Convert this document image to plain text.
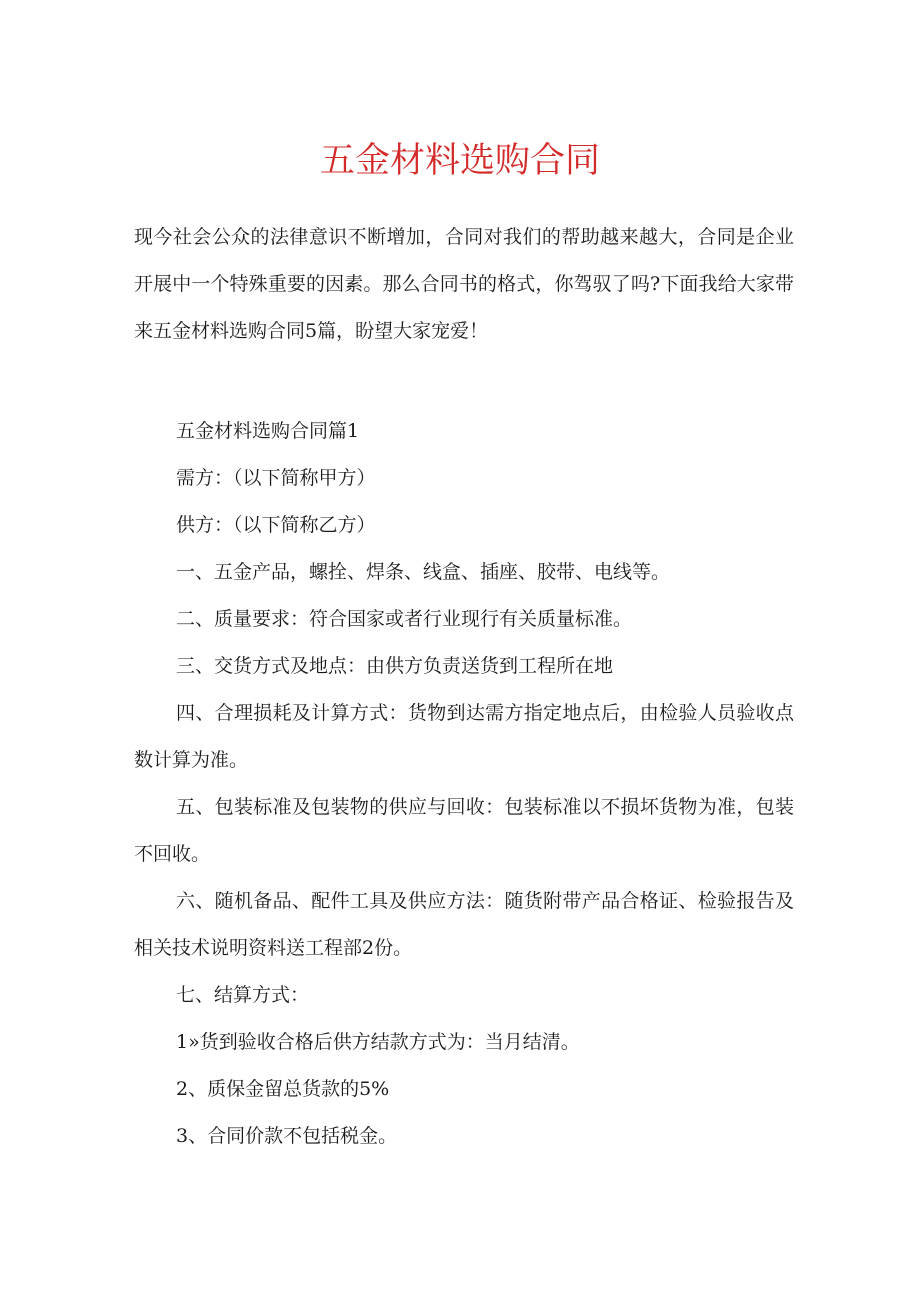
五金材料选购合同

现今社会公众的法律意识不断增加，合同对我们的帮助越来越大，合同是企业开展中一个特殊重要的因素。那么合同书的格式，你驾驭了吗?下面我给大家带来五金材料选购合同5篇，盼望大家宠爱！

五金材料选购合同篇1
需方：（以下简称甲方）
供方：（以下简称乙方）
一、五金产品，螺拴、焊条、线盒、插座、胶带、电线等。
二、质量要求：符合国家或者行业现行有关质量标准。
三、交货方式及地点：由供方负责送货到工程所在地
四、合理损耗及计算方式：货物到达需方指定地点后，由检验人员验收点数计算为准。
五、包装标准及包装物的供应与回收：包装标准以不损坏货物为准，包装不回收。
六、随机备品、配件工具及供应方法：随货附带产品合格证、检验报告及相关技术说明资料送工程部2份。
七、结算方式：
1»货到验收合格后供方结款方式为：当月结清。
2、质保金留总货款的5%
3、合同价款不包括税金。
